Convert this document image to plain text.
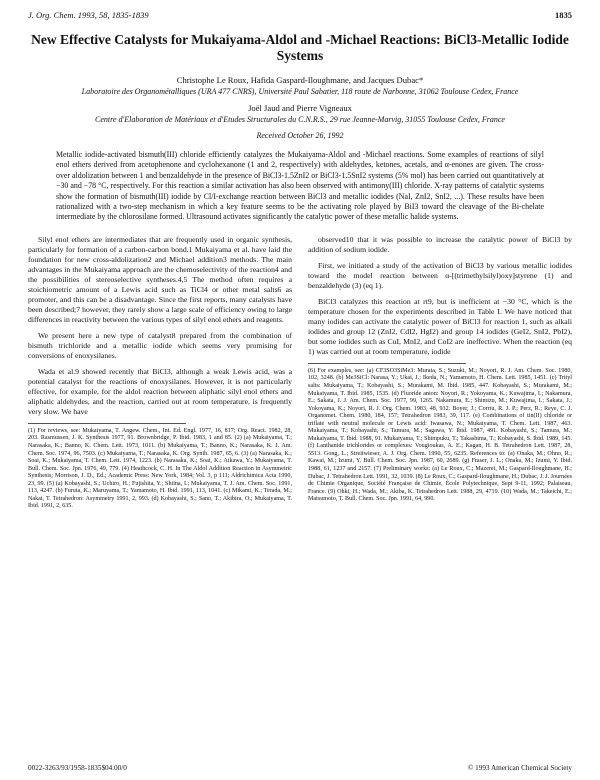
J. Org. Chem. 1993, 58, 1835-1839	1835
New Effective Catalysts for Mukaiyama-Aldol and -Michael Reactions: BiCl3-Metallic Iodide Systems
Christophe Le Roux, Hafida Gaspard-Iloughmane, and Jacques Dubac*
Laboratoire des Organométalliques (URA 477 CNRS), Université Paul Sabatier, 118 route de Narbonne, 31062 Toulouse Cedex, France
Joël Jaud and Pierre Vigneaux
Centre d'Elaboration de Matériaux et d'Etudes Structurales du C.N.R.S., 29 rue Jeanne-Marvig, 31055 Toulouse Cedex, France
Received October 26, 1992
Metallic iodide-activated bismuth(III) chloride efficiently catalyzes the Mukaiyama-Aldol and -Michael reactions. Some examples of reactions of silyl enol ethers derived from acetophenone and cyclohexanone (1 and 2, respectively) with aldehydes, ketones, acetals, and α-enones are given. The cross-over aldolization between 1 and benzaldehyde in the presence of BiCl3-1.5ZnI2 or BiCl3-1.5SnI2 systems (5% mol) has been carried out quantitatively at −30 and −78 °C, respectively. For this reaction a similar activation has also been observed with antimony(III) chloride. X-ray patterns of catalytic systems show the formation of bismuth(III) iodide by Cl/I-exchange reaction between BiCl3 and metallic iodides (NaI, ZnI2, SnI2, ...). These results have been rationalized with a two-step mechanism in which a key feature seems to be the activating role played by BiI3 toward the cleavage of the Bi-chelate intermediate by the chlorosilane formed. Ultrasound activates significantly the catalytic power of these metallic halide systems.

Silyl enol ethers are intermediates that are frequently used in organic synthesis, particularly for formation of a carbon-carbon bond.1 Mukaiyama et al. have laid the foundation for new cross-aldolization2 and Michael addition3 methods. The main advantages in the Mukaiyama approach are the chemoselectivity of the reaction4 and the possibilities of stereoselective syntheses.4,5 The method often requires a stoichiometric amount of a Lewis acid such as TiCl4 or other metal salts6 as promoter, and this can be a disadvantage. Since the first reports, many catalysts have been described;7 however, they rarely show a large scale of efficiency owing to large differences in reactivity between the various types of silyl enol ethers and reagents.

We present here a new type of catalyst8 prepared from the combination of bismuth trichloride and a metallic iodide which seems very promising for conversions of enoxysilanes.

Wada et al.9 showed recently that BiCl3, although a weak Lewis acid, was a potential catalyst for the reactions of enoxysilanes. However, it is not particularly effective, for example, for the aldol reaction between aliphatic silyl enol ethers and aliphatic aldehydes, and the reaction, carried out at room temperature, is frequently very slow. We have

(1) For reviews, see: Mukaiyama, T. Angew. Chem., Int. Ed. Engl. 1977, 16, 817; Org. React. 1982, 28, 203. Rasmussen, J. K. Synthesis 1977, 91. Brownbridge, P. Ibid. 1983, 1 and 85. (2) (a) Mukaiyama, T.; Narasaka, K.; Banno, K. Chem. Lett. 1973, 1011. (b) Mukaiyama, T.; Banno, K.; Narasaka, K. J. Am. Chem. Soc. 1974, 96, 7503. (c) Mukaiyama, T.; Narasaka, K. Org. Synth. 1987, 65, 6. (3) (a) Narasaka, K.; Soai, K.; Mukaiyama, T. Chem. Lett. 1974, 1223. (b) Narasaka, K.; Soai, K.; Aikawa, Y.; Mukaiyama, T. Bull. Chem. Soc. Jpn. 1976, 49, 779. (4) Heathcock, C. H. In The Aldol Addition Reaction in Asymmetric Synthesis; Morrison, J. D., Ed.; Academic Press: New York, 1984; Vol. 3, p 111; Aldrichimica Acta 1990, 23, 99. (5) (a) Kobayashi, S.; Uchiro, H.; Fujishita, Y.; Shiina, I.; Mukaiyama, T. J. Am. Chem. Soc. 1991, 113, 4247. (b) Furuta, K.; Maruyama, T.; Yamamoto, H. Ibid. 1991, 113, 1041. (c) Mikami, K.; Terada, M.; Nakai, T. Tetrahedron: Asymmetry 1991, 2, 993. (d) Kobayashi, S.; Sano, T.; Akibira, O.; Mukaiyama, T. Ibid. 1991, 2, 635.

observed10 that it was possible to increase the catalytic power of BiCl3 by addition of sodium iodide.

First, we initiated a study of the activation of BiCl3 by various metallic iodides toward the model reaction between α-[(trimethylsilyl)oxy]styrene (1) and benzaldehyde (3) (eq 1).

BiCl3 catalyzes this reaction at rt9, but is inefficient at −30 °C, which is the temperature chosen for the experiments described in Table I. We have noticed that many iodides can activate the catalytic power of BiCl3 for reaction 1, such as alkali iodides and group 12 (ZnI2, CdI2, HgI2) and group 14 iodides (GeI2, SnI2, PbI2), but some iodides such as CuI, MnI2, and CoI2 are ineffective. When the reaction (eq 1) was carried out at room temperature, iodide

(6) For examples, see: (a) CF3SO3SiMe3: Murata, S.; Suzuki, M.; Noyori, R. J. Am. Chem. Soc. 1980, 102, 3248. (b) Me3SiCl: Narasa, Y.; Ukai, J.; Ikeda, N.; Yamamoto, H. Chem. Lett. 1985, 1451. (c) Trityl salts: Mukaiyama, T.; Kobayashi, S.; Murakami, M. Ibid. 1985, 447. Kobayashi, S.; Murakami, M.; Mukaiyama, T. Ibid. 1985, 1535. (d) Fluoride anion: Noyori, R.; Yokoyama, K.; Kuwajima, I.; Nakamura, E.; Sakata, J. J. Am. Chem. Soc. 1977, 99, 1265. Nakamura, E.; Shimizu, M.; Kuwajima, I.; Sakata, J.; Yokoyama, K.; Noyori, R. J. Org. Chem. 1983, 48, 932. Boyer, J.; Corriu, R. J. P.; Perz, R.; Reye, C. J. Organomet. Chem. 1980, 184, 157; Tetrahedron 1983, 39, 117. (e) Combinations of tin(II) chloride or triflate with neutral molecule or Lewis acid: Iwasawa, N.; Mukaiyama, T. Chem. Lett. 1987, 463. Mukaiyama, T.; Kobayashi, S.; Tamura, M.; Sagawa, Y. Ibid. 1987, 491. Kobayashi, S.; Tamura, M.; Mukaiyama, T. Ibid. 1988, 91. Mukaiyama, T.; Shimpuku, T.; Takashima, T.; Kobayashi, S. Ibid. 1989, 145. (f) Lanthanide trichlorides or complexes: Vougioukas, A. E.; Kagan, H. B. Tetrahedron Lett. 1987, 28, 5513. Gong, L.; Streitwieser, A. J. Org. Chem. 1990, 55, 6235. References to: (a) Onaka, M.; Ohno, R.; Kawai, M.; Izumi, Y. Bull. Chem. Soc. Jpn. 1987, 60, 2689. (g) Fraser, J. L.; Onaka, M.; Izumi, Y. Ibid. 1988, 61, 1237 and 2157. (7) Preliminary works: (a) Le Roux, C.; Mazeret, M.; Gaspard-Iloughmane, H.; Dubac, J. Tetrahedron Lett. 1991, 32, 1039. (8) Le Roux, C.; Gaspard-Iloughmane, H.; Dubac, J. J. Journées de Chimie Organique, Société Française de Chimie, École Polytechnique, Sept 9-11, 1992; Palaiseau, France. (9) Ohki, H.; Wada, M.; Akiba, K. Tetrahedron Lett. 1988, 29, 4719. (10) Wada, M.; Takeichi, E.; Matsumoto, T. Bull. Chem. Soc. Jpn. 1991, 64, 990.
0022-3263/93/1958-1835$04.00/0	© 1993 American Chemical Society
